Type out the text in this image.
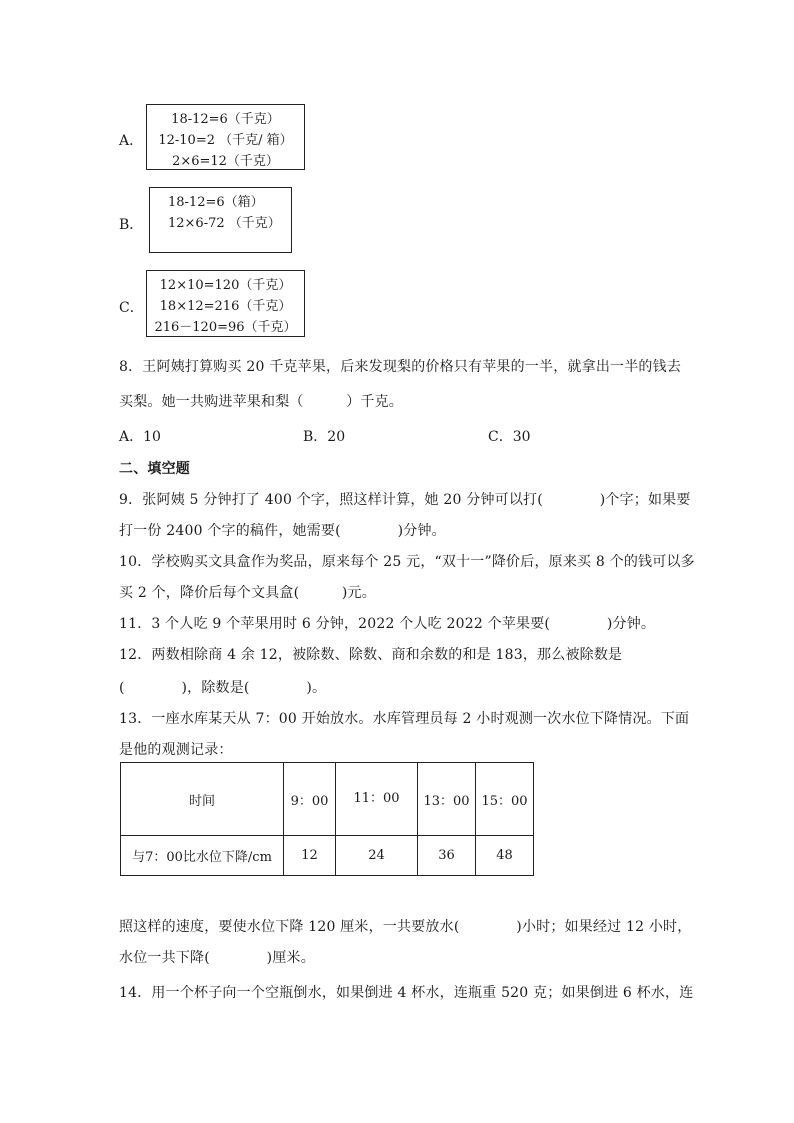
A．
18-12=6（千克）
12-10=2 （千克/ 箱）
2×6=12（千克）
B．
18-12=6（箱）
12×6-72 （千克）
C．
12×10=120（千克）
18×12=216（千克）
216－120=96（千克）
8．王阿姨打算购买 20 千克苹果，后来发现梨的价格只有苹果的一半，就拿出一半的钱去
买梨。她一共购进苹果和梨（　　　）千克。
A．10	B．20	C．30
二、填空题
9．张阿姨 5 分钟打了 400 个字，照这样计算，她 20 分钟可以打(　　　　)个字；如果要
打一份 2400 个字的稿件，她需要(　　　　)分钟。
10．学校购买文具盒作为奖品，原来每个 25 元，“双十一”降价后，原来买 8 个的钱可以多
买 2 个，降价后每个文具盒(　　　)元。
11．3 个人吃 9 个苹果用时 6 分钟，2022 个人吃 2022 个苹果要(　　　　)分钟。
12．两数相除商 4 余 12，被除数、除数、商和余数的和是 183，那么被除数是
(　　　　)，除数是(　　　　)。
13．一座水库某天从 7：00 开始放水。水库管理员每 2 小时观测一次水位下降情况。下面
是他的观测记录：
时间	9：00	11：00	13：00	15：00
与7：00比水位下降/cm	12	24	36	48
照这样的速度，要使水位下降 120 厘米，一共要放水(　　　　)小时；如果经过 12 小时，
水位一共下降(　　　　)厘米。
14．用一个杯子向一个空瓶倒水，如果倒进 4 杯水，连瓶重 520 克；如果倒进 6 杯水，连
